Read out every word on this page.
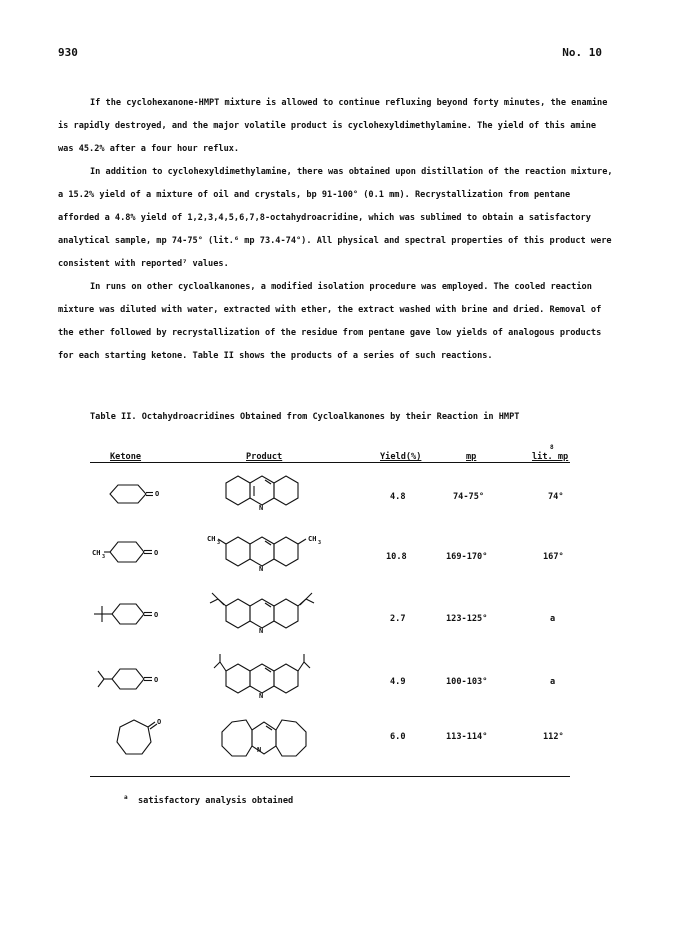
930	No. 10

If the cyclohexanone-HMPT mixture is allowed to continue refluxing beyond forty minutes, the enamine is rapidly destroyed, and the major volatile product is cyclohexyldimethylamine. The yield of this amine was 45.2% after a four hour reflux.

In addition to cyclohexyldimethylamine, there was obtained upon distillation of the reaction mixture, a 15.2% yield of a mixture of oil and crystals, bp 91-100° (0.1 mm). Recrystallization from pentane afforded a 4.8% yield of 1,2,3,4,5,6,7,8-octahydroacridine, which was sublimed to obtain a satisfactory analytical sample, mp 74-75° (lit.⁶ mp 73.4-74°). All physical and spectral properties of this product were consistent with reported⁷ values.

In runs on other cycloalkanones, a modified isolation procedure was employed. The cooled reaction mixture was diluted with water, extracted with ether, the extract washed with brine and dried. Removal of the ether followed by recrystallization of the residue from pentane gave low yields of analogous products for each starting ketone. Table II shows the products of a series of such reactions.

Table II. Octahydroacridines Obtained from Cycloalkanones by their Reaction in HMPT
Ketone	Product	Yield(%)	mp	lit. mp
8
O
O
O
O
O
N
N
N
N
N
CH 3
CH 3	CH 3
4.8	74-75°	74°
10.8	169-170°	167°
2.7	123-125°	a
4.9	100-103°	a
6.0	113-114°	112°
$^a$ satisfactory analysis obtained
